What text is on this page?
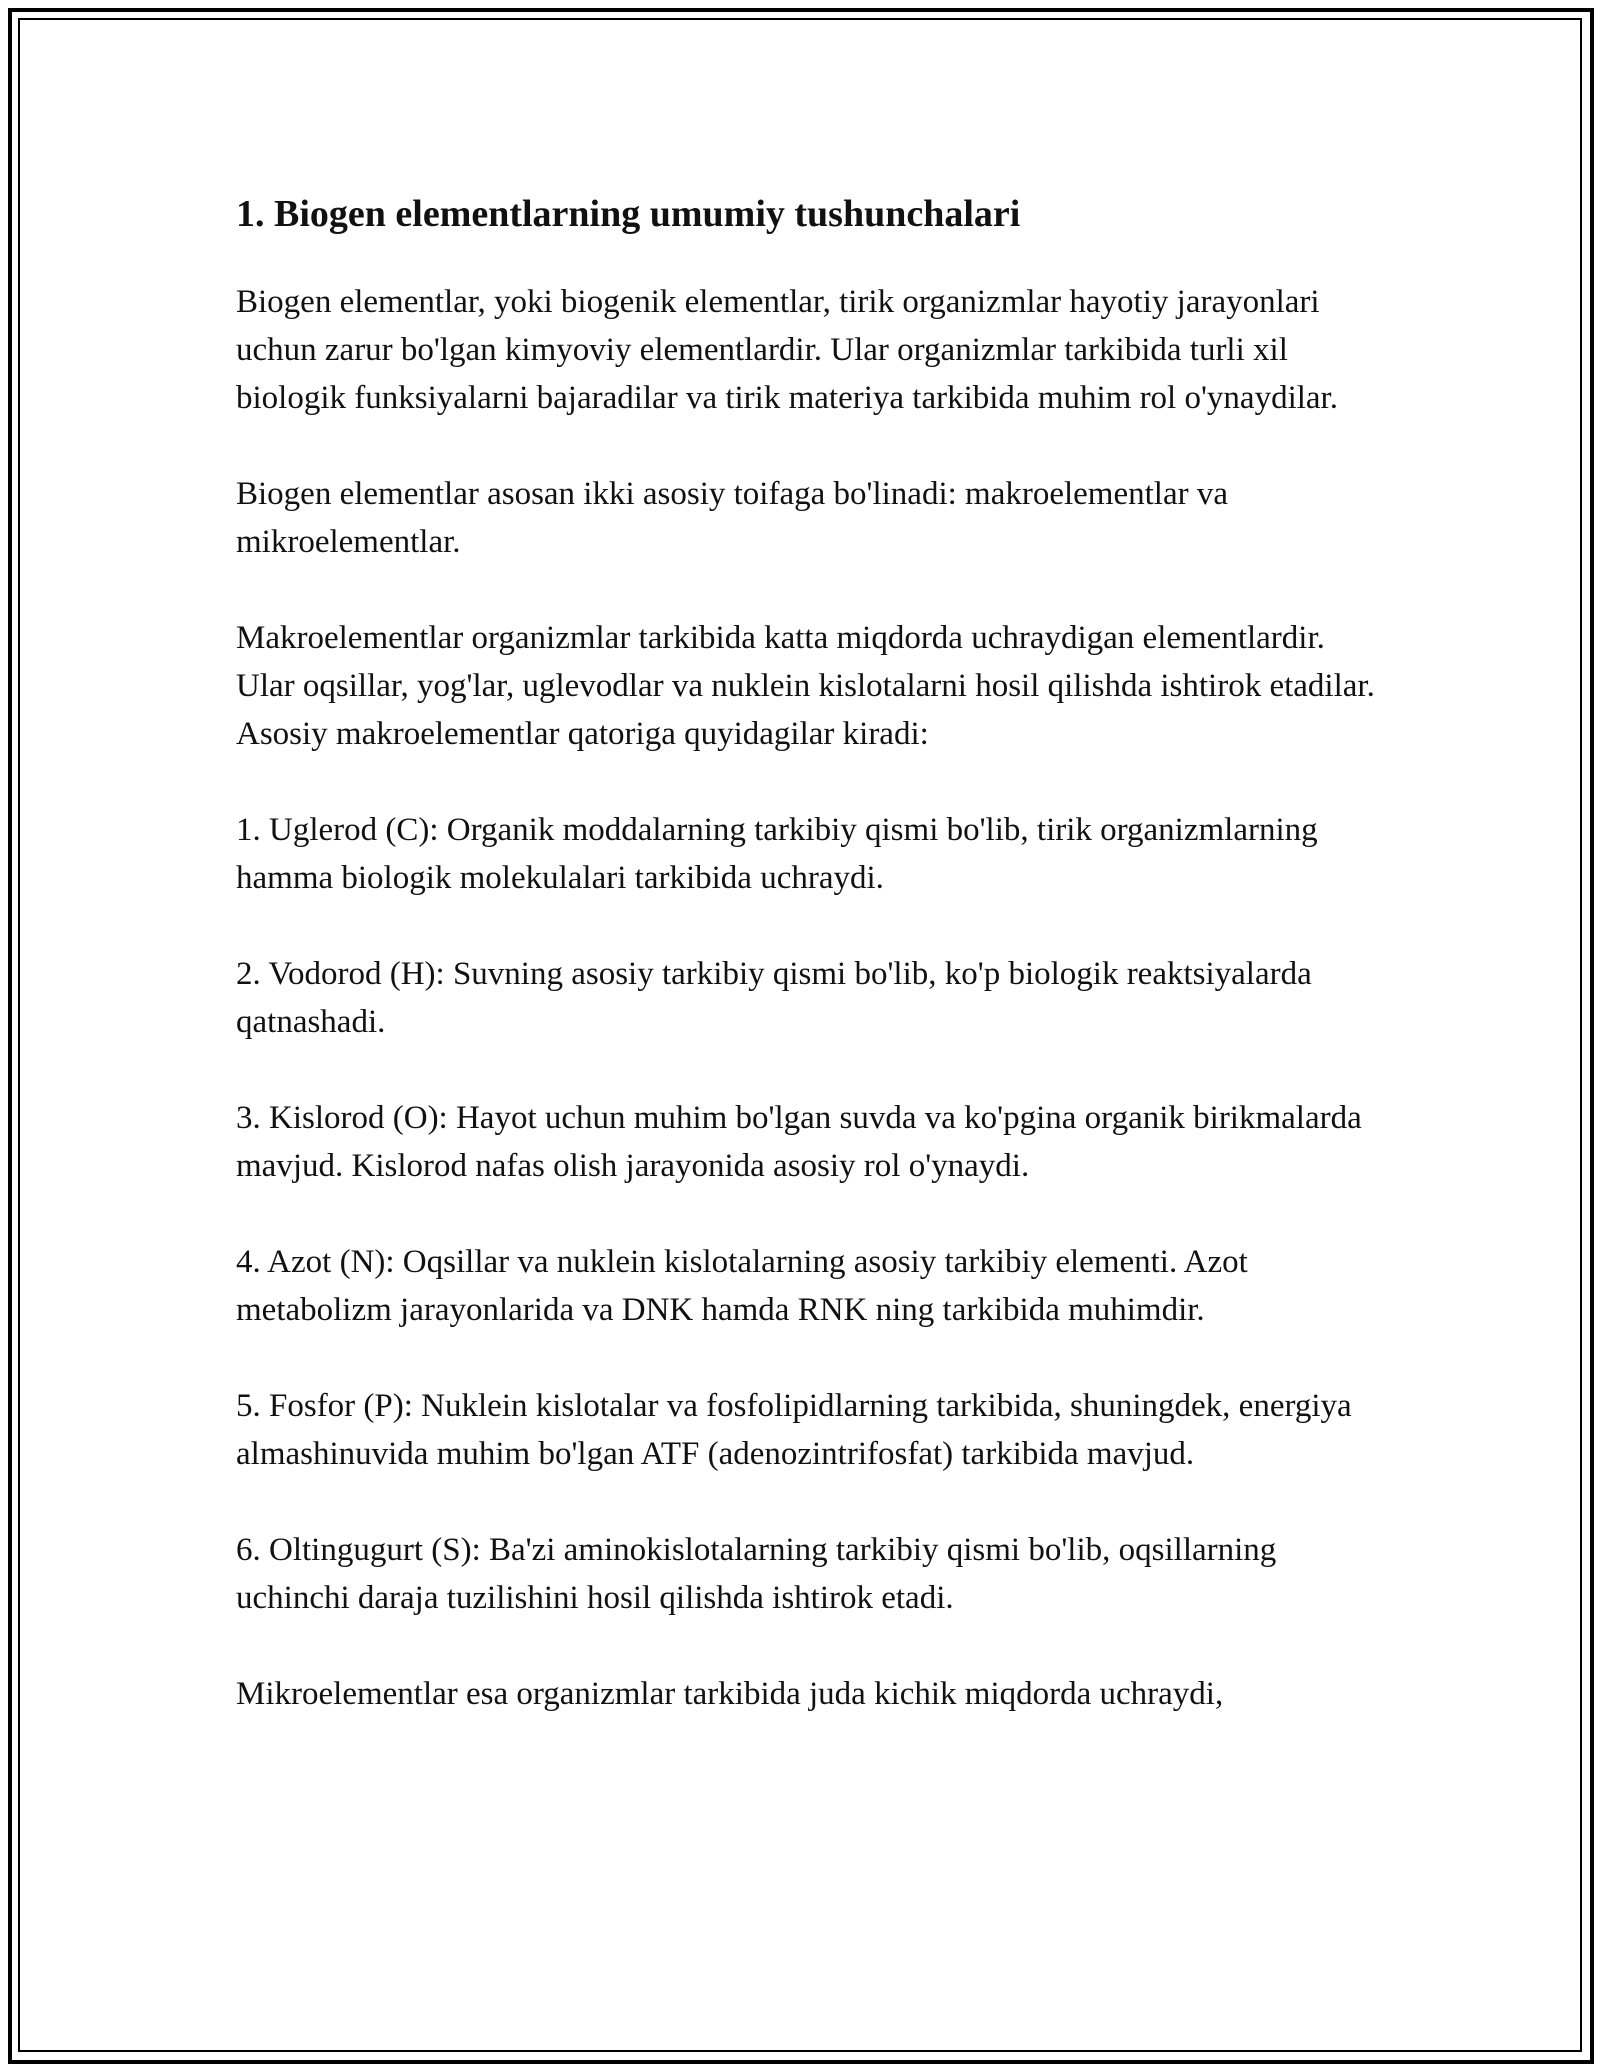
1. Biogen elementlarning umumiy tushunchalari

Biogen elementlar, yoki biogenik elementlar, tirik organizmlar hayotiy jarayonlari uchun zarur bo'lgan kimyoviy elementlardir. Ular organizmlar tarkibida turli xil biologik funksiyalarni bajaradilar va tirik materiya tarkibida muhim rol o'ynaydilar.

Biogen elementlar asosan ikki asosiy toifaga bo'linadi: makroelementlar va mikroelementlar.

Makroelementlar organizmlar tarkibida katta miqdorda uchraydigan elementlardir. Ular oqsillar, yog'lar, uglevodlar va nuklein kislotalarni hosil qilishda ishtirok etadilar. Asosiy makroelementlar qatoriga quyidagilar kiradi:

1. Uglerod (C): Organik moddalarning tarkibiy qismi bo'lib, tirik organizmlarning hamma biologik molekulalari tarkibida uchraydi.

2. Vodorod (H): Suvning asosiy tarkibiy qismi bo'lib, ko'p biologik reaktsiyalarda qatnashadi.

3. Kislorod (O): Hayot uchun muhim bo'lgan suvda va ko'pgina organik birikmalarda mavjud. Kislorod nafas olish jarayonida asosiy rol o'ynaydi.

4. Azot (N): Oqsillar va nuklein kislotalarning asosiy tarkibiy elementi. Azot metabolizm jarayonlarida va DNK hamda RNK ning tarkibida muhimdir.

5. Fosfor (P): Nuklein kislotalar va fosfolipidlarning tarkibida, shuningdek, energiya almashinuvida muhim bo'lgan ATF (adenozintrifosfat) tarkibida mavjud.

6. Oltingugurt (S): Ba'zi aminokislotalarning tarkibiy qismi bo'lib, oqsillarning uchinchi daraja tuzilishini hosil qilishda ishtirok etadi.

Mikroelementlar esa organizmlar tarkibida juda kichik miqdorda uchraydi,
